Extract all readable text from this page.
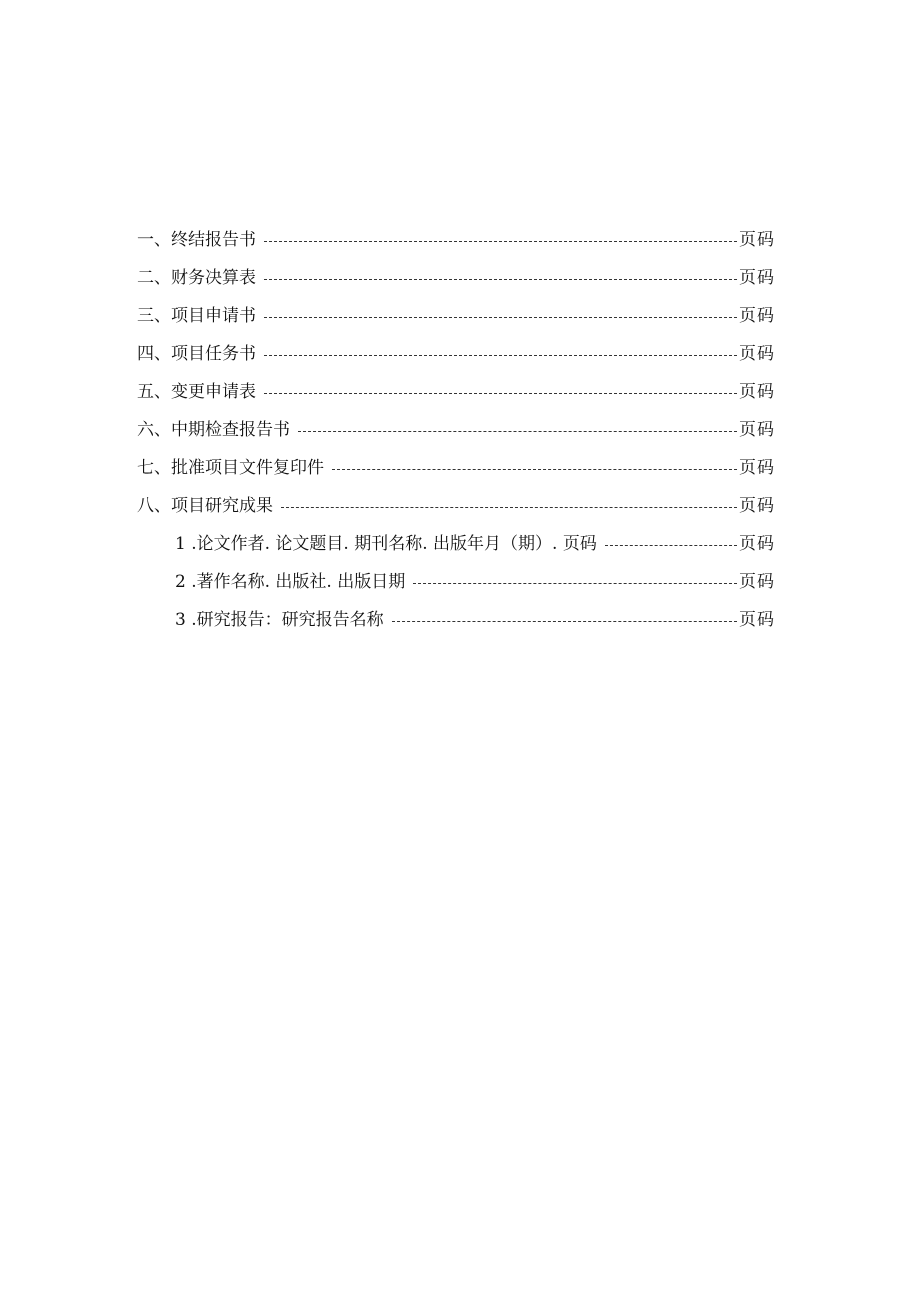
一、终结报告书	页码
二、财务决算表	页码
三、项目申请书	页码
四、项目任务书	页码
五、变更申请表	页码
六、中期检查报告书	页码
七、批准项目文件复印件	页码
八、项目研究成果	页码
1 .论文作者. 论文题目. 期刊名称. 出版年月（期）. 页码	页码
2 .著作名称. 出版社. 出版日期	页码
3 .研究报告：研究报告名称	页码
